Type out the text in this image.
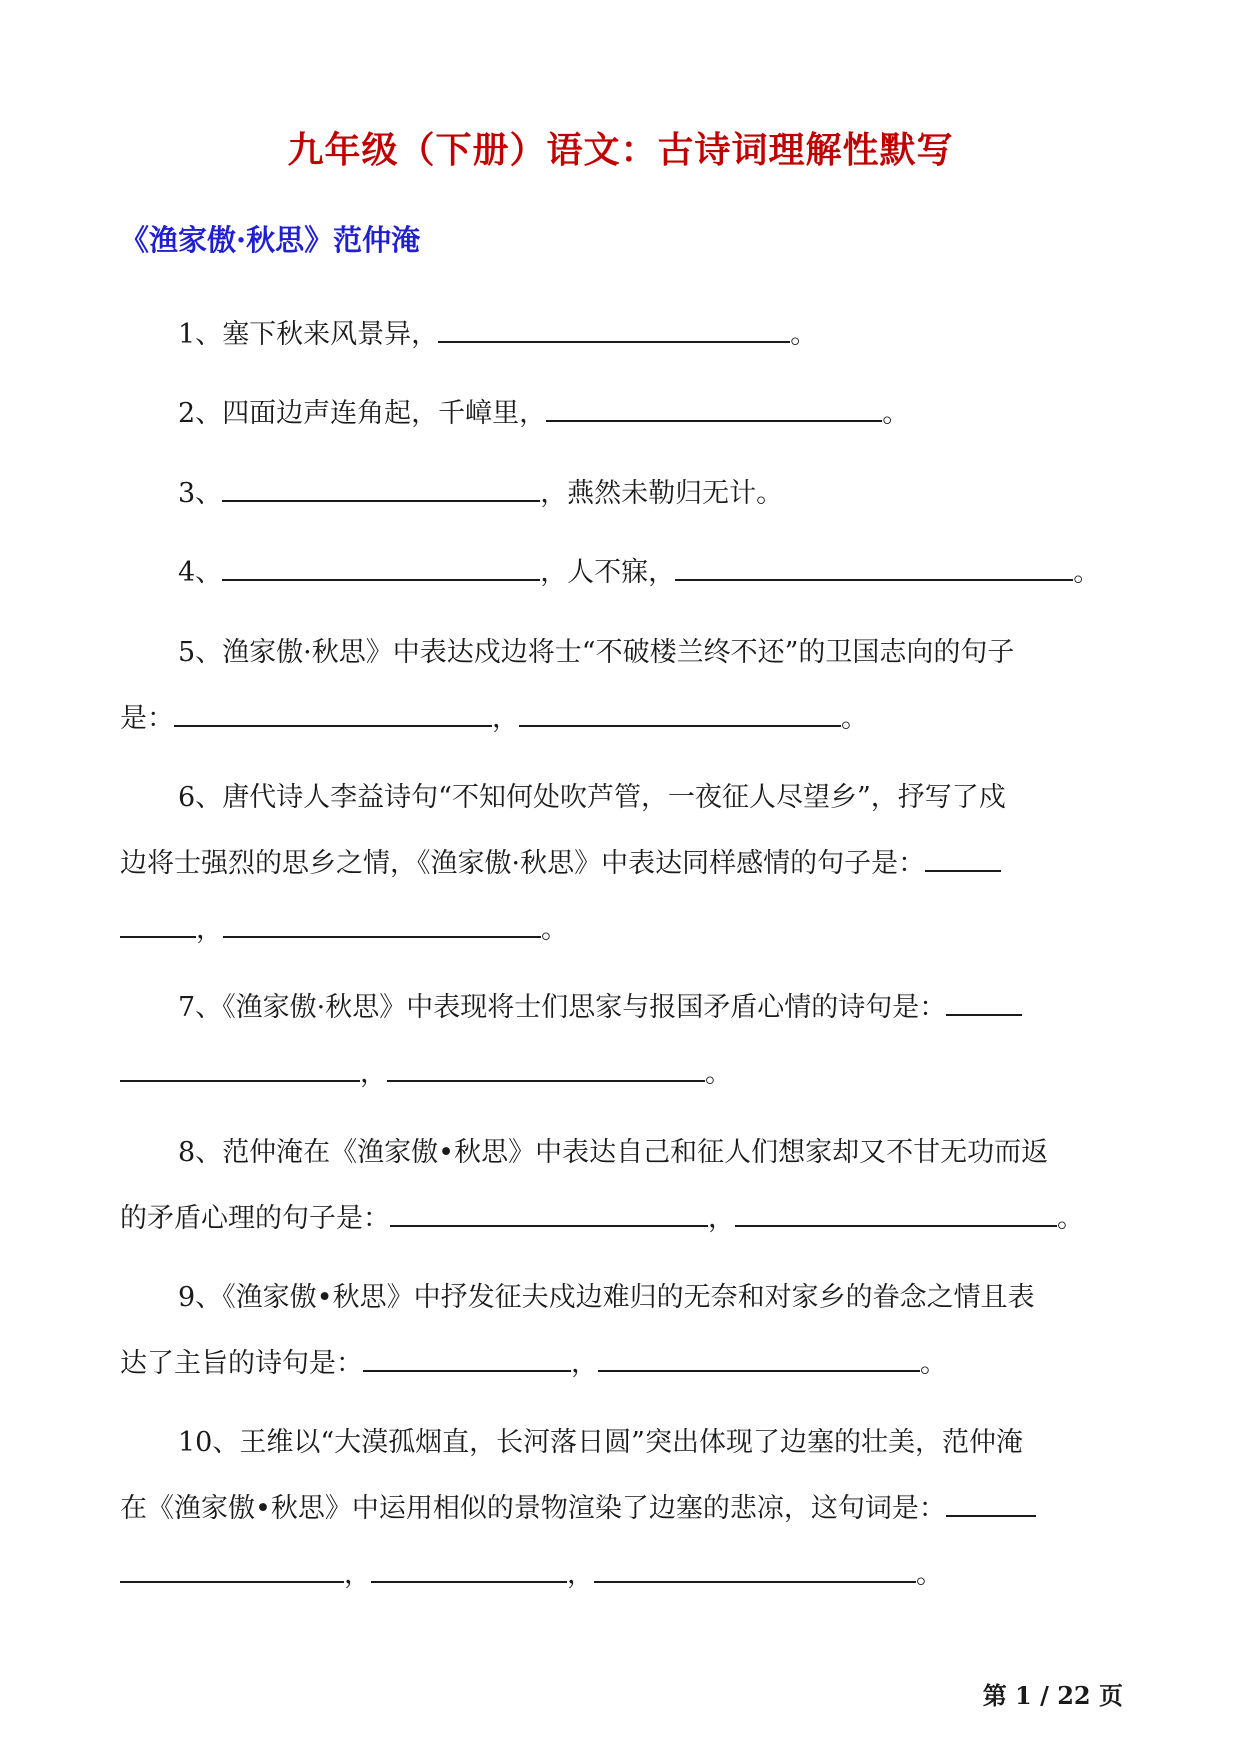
九年级（下册）语文：古诗词理解性默写
《渔家傲·秋思》范仲淹
1、塞下秋来风景异，	。
2、四面边声连角起，千嶂里，	。
3、	，燕然未勒归无计。
4、	，人不寐，	。
5、渔家傲·秋思》中表达戍边将士“不破楼兰终不还”的卫国志向的句子
是：	，	。
6、唐代诗人李益诗句“不知何处吹芦管，一夜征人尽望乡”，抒写了戍
边将士强烈的思乡之情，《渔家傲·秋思》中表达同样感情的句子是：
，	。
7、《渔家傲·秋思》中表现将士们思家与报国矛盾心情的诗句是：
，	。
8、范仲淹在《渔家傲•秋思》中表达自己和征人们想家却又不甘无功而返
的矛盾心理的句子是：	，	。
9、《渔家傲•秋思》中抒发征夫戍边难归的无奈和对家乡的眷念之情且表
达了主旨的诗句是：	，	。
10、王维以“大漠孤烟直，长河落日圆”突出体现了边塞的壮美，范仲淹
在《渔家傲•秋思》中运用相似的景物渲染了边塞的悲凉，这句词是：
，	，	。
第 1 / 22 页
